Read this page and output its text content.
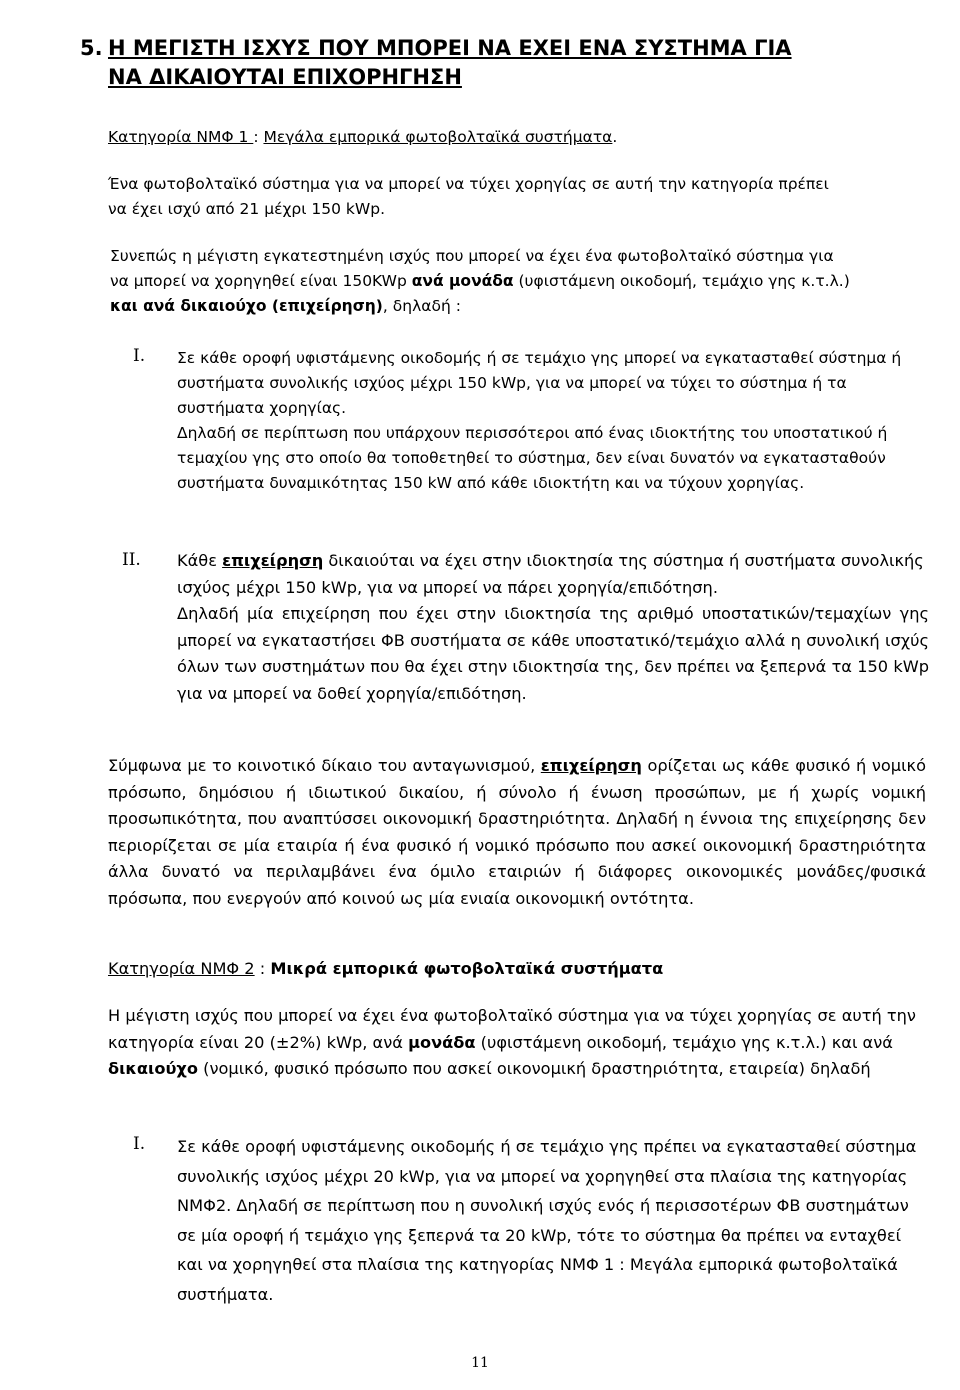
5. Η ΜΕΓΙΣΤΗ ΙΣΧΥΣ ΠΟΥ ΜΠΟΡΕΙ ΝΑ ΕΧΕΙ ΕΝΑ ΣΥΣΤΗΜΑ ΓΙΑ
ΝΑ ΔΙΚΑΙΟΥΤΑΙ ΕΠΙΧΟΡΗΓΗΣΗ
Κατηγορία ΝΜΦ 1 : Μεγάλα εμπορικά φωτοβολταϊκά συστήματα.

Ένα φωτοβολταϊκό σύστημα για να μπορεί να τύχει χορηγίας σε αυτή την κατηγορία πρέπει να έχει ισχύ από 21 μέχρι 150 kWp.

Συνεπώς η μέγιστη εγκατεστημένη ισχύς που μπορεί να έχει ένα φωτοβολταϊκό σύστημα για να μπορεί να χορηγηθεί είναι 150KWp ανά μονάδα (υφιστάμενη οικοδομή, τεμάχιο γης κ.τ.λ.) και ανά δικαιούχο (επιχείρηση), δηλαδή :

I. Σε κάθε οροφή υφιστάμενης οικοδομής ή σε τεμάχιο γης μπορεί να εγκατασταθεί σύστημα ή συστήματα συνολικής ισχύος μέχρι 150 kWp, για να μπορεί να τύχει το σύστημα ή τα συστήματα χορηγίας.
Δηλαδή σε περίπτωση που υπάρχουν περισσότεροι από ένας ιδιοκτήτης του υποστατικού ή τεμαχίου γης στο οποίο θα τοποθετηθεί το σύστημα, δεν είναι δυνατόν να εγκατασταθούν συστήματα δυναμικότητας 150 kW από κάθε ιδιοκτήτη και να τύχουν χορηγίας.
II. Κάθε επιχείρηση δικαιούται να έχει στην ιδιοκτησία της σύστημα ή συστήματα συνολικής ισχύος μέχρι 150 kWp, για να μπορεί να πάρει χορηγία/επιδότηση.
Δηλαδή μία επιχείρηση που έχει στην ιδιοκτησία της αριθμό υποστατικών/τεμαχίων γης μπορεί να εγκαταστήσει ΦΒ συστήματα σε κάθε υποστατικό/τεμάχιο αλλά η συνολική ισχύς όλων των συστημάτων που θα έχει στην ιδιοκτησία της, δεν πρέπει να ξεπερνά τα 150 kWp για να μπορεί να δοθεί χορηγία/επιδότηση.

Σύμφωνα με το κοινοτικό δίκαιο του ανταγωνισμού, επιχείρηση ορίζεται ως κάθε φυσικό ή νομικό πρόσωπο, δημόσιου ή ιδιωτικού δικαίου, ή σύνολο ή ένωση προσώπων, με ή χωρίς νομική προσωπικότητα, που αναπτύσσει οικονομική δραστηριότητα. Δηλαδή η έννοια της επιχείρησης δεν περιορίζεται σε μία εταιρία ή ένα φυσικό ή νομικό πρόσωπο που ασκεί οικονομική δραστηριότητα άλλα δυνατό να περιλαμβάνει ένα όμιλο εταιριών ή διάφορες οικονομικές μονάδες/φυσικά πρόσωπα, που ενεργούν από κοινού ως μία ενιαία οικονομική οντότητα.

Κατηγορία ΝΜΦ 2 : Μικρά εμπορικά φωτοβολταϊκά συστήματα

Η μέγιστη ισχύς που μπορεί να έχει ένα φωτοβολταϊκό σύστημα για να τύχει χορηγίας σε αυτή την κατηγορία είναι 20 (±2%) kWp, ανά μονάδα (υφιστάμενη οικοδομή, τεμάχιο γης κ.τ.λ.) και ανά δικαιούχο (νομικό, φυσικό πρόσωπο που ασκεί οικονομική δραστηριότητα, εταιρεία) δηλαδή

I. Σε κάθε οροφή υφιστάμενης οικοδομής ή σε τεμάχιο γης πρέπει να εγκατασταθεί σύστημα συνολικής ισχύος μέχρι 20 kWp, για να μπορεί να χορηγηθεί στα πλαίσια της κατηγορίας ΝΜΦ2. Δηλαδή σε περίπτωση που η συνολική ισχύς ενός ή περισσοτέρων ΦΒ συστημάτων σε μία οροφή ή τεμάχιο γης ξεπερνά τα 20 kWp, τότε το σύστημα θα πρέπει να ενταχθεί και να χορηγηθεί στα πλαίσια της κατηγορίας ΝΜΦ 1 : Μεγάλα εμπορικά φωτοβολταϊκά συστήματα.

11
